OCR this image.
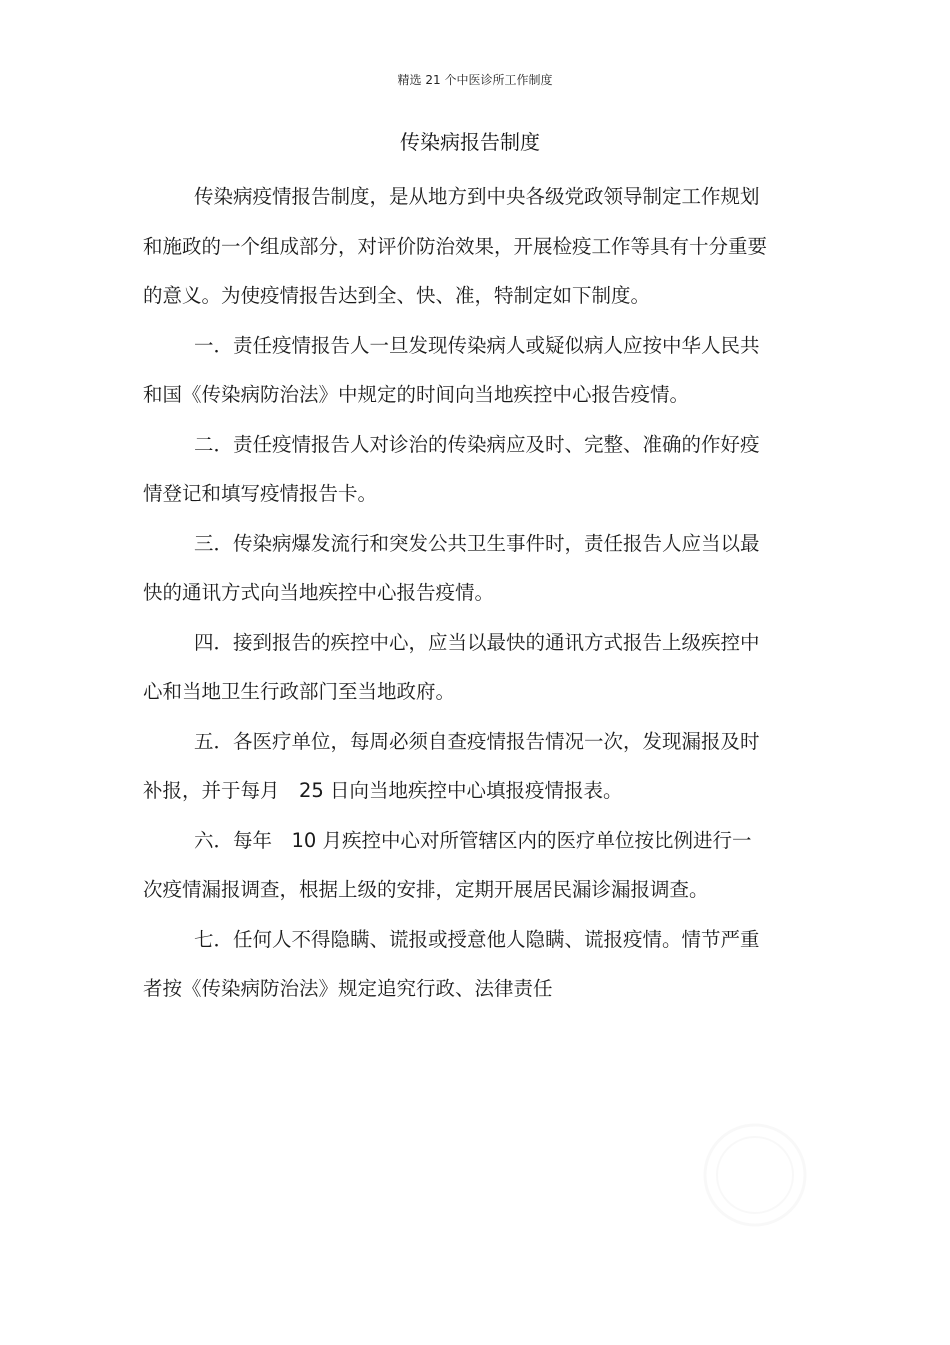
精选 21 个中医诊所工作制度
传染病报告制度

传染病疫情报告制度，是从地方到中央各级党政领导制定工作规划和施政的一个组成部分，对评价防治效果，开展检疫工作等具有十分重要的意义。为使疫情报告达到全、快、准，特制定如下制度。

一．责任疫情报告人一旦发现传染病人或疑似病人应按中华人民共和国《传染病防治法》中规定的时间向当地疾控中心报告疫情。

二．责任疫情报告人对诊治的传染病应及时、完整、准确的作好疫情登记和填写疫情报告卡。

三．传染病爆发流行和突发公共卫生事件时，责任报告人应当以最快的通讯方式向当地疾控中心报告疫情。

四．接到报告的疾控中心，应当以最快的通讯方式报告上级疾控中心和当地卫生行政部门至当地政府。

五．各医疗单位，每周必须自查疫情报告情况一次，发现漏报及时补报，并于每月　25 日向当地疾控中心填报疫情报表。

六．每年　10 月疾控中心对所管辖区内的医疗单位按比例进行一次疫情漏报调查，根据上级的安排，定期开展居民漏诊漏报调查。

七．任何人不得隐瞒、谎报或授意他人隐瞒、谎报疫情。情节严重者按《传染病防治法》规定追究行政、法律责任
